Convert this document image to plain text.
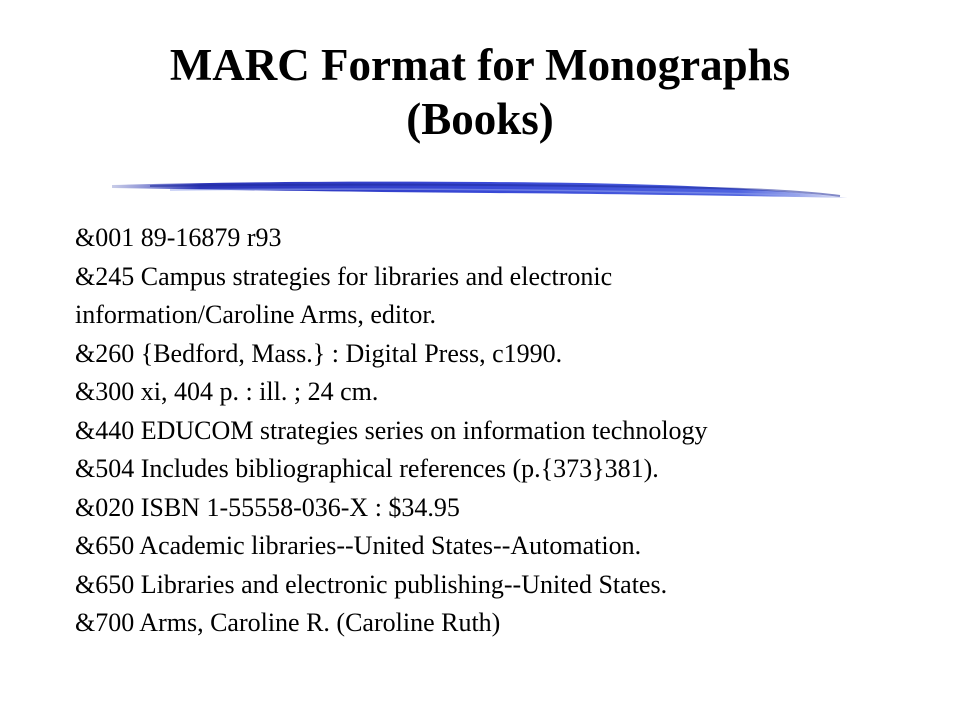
MARC Format for Monographs
(Books)
&001 89-16879 r93
&245 Campus strategies for libraries and electronic
information/Caroline Arms, editor.
&260 {Bedford, Mass.} : Digital Press, c1990.
&300 xi, 404 p. : ill. ; 24 cm.
&440 EDUCOM strategies series on information technology
&504 Includes bibliographical references (p.{373}381).
&020 ISBN 1-55558-036-X : $34.95
&650 Academic libraries--United States--Automation.
&650 Libraries and electronic publishing--United States.
&700 Arms, Caroline R. (Caroline Ruth)
